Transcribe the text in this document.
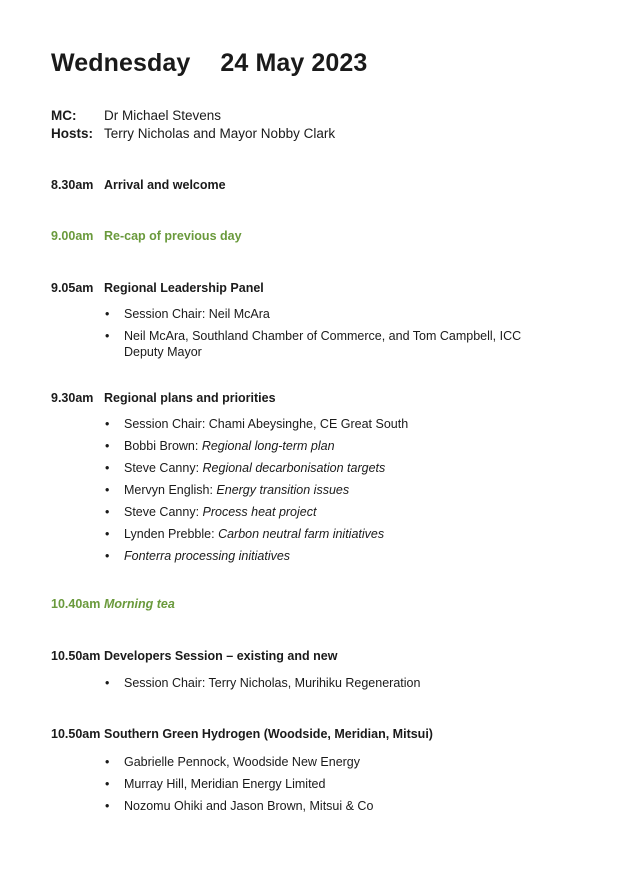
Wednesday 24 May 2023
MC: Dr Michael Stevens
Hosts: Terry Nicholas and Mayor Nobby Clark
8.30am Arrival and welcome
9.00am Re-cap of previous day
9.05am Regional Leadership Panel
• Session Chair: Neil McAra
• Neil McAra, Southland Chamber of Commerce, and Tom Campbell, ICC
Deputy Mayor
9.30am Regional plans and priorities
• Session Chair: Chami Abeysinghe, CE Great South
• Bobbi Brown: Regional long-term plan
• Steve Canny: Regional decarbonisation targets
• Mervyn English: Energy transition issues
• Steve Canny: Process heat project
• Lynden Prebble: Carbon neutral farm initiatives
• Fonterra processing initiatives
10.40am Morning tea
10.50am Developers Session – existing and new
• Session Chair: Terry Nicholas, Murihiku Regeneration
10.50am Southern Green Hydrogen (Woodside, Meridian, Mitsui)
• Gabrielle Pennock, Woodside New Energy
• Murray Hill, Meridian Energy Limited
• Nozomu Ohiki and Jason Brown, Mitsui & Co
